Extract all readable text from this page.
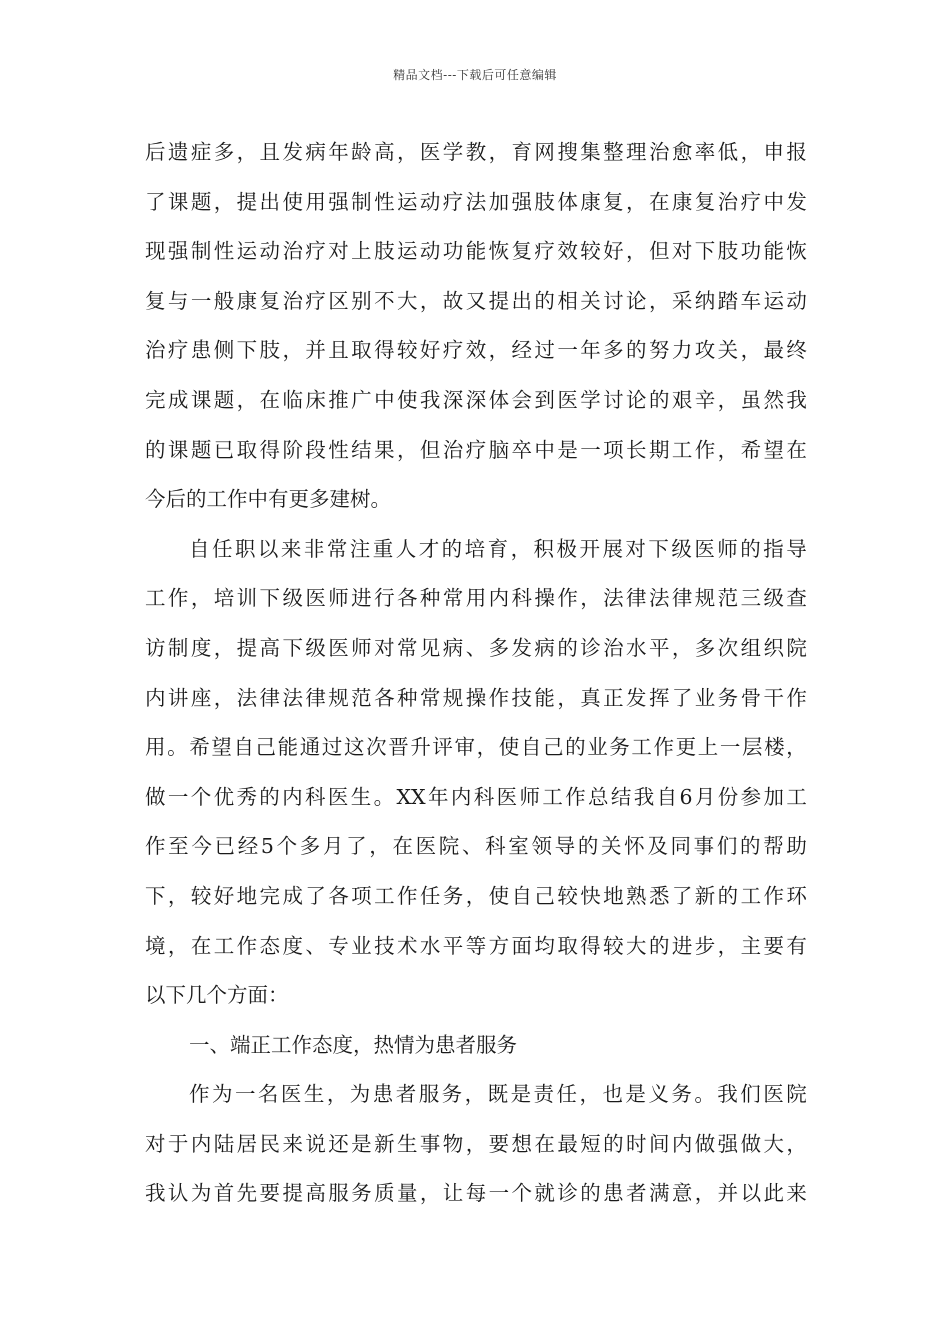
精品文档---下载后可任意编辑
后 遗 症 多 ， 且 发 病 年 龄 高 ， 医 学 教 ， 育 网 搜 集 整 理 治 愈 率 低 ， 申 报
了 课 题 ， 提 出 使 用 强 制 性 运 动 疗 法 加 强 肢 体 康 复 ， 在 康 复 治 疗 中 发
现 强 制 性 运 动 治 疗 对 上 肢 运 动 功 能 恢 复 疗 效 较 好 ， 但 对 下 肢 功 能 恢
复 与 一 般 康 复 治 疗 区 别 不 大 ， 故 又 提 出 的 相 关 讨 论 ， 采 纳 踏 车 运 动
治 疗 患 侧 下 肢 ， 并 且 取 得 较 好 疗 效 ， 经 过 一 年 多 的 努 力 攻 关 ， 最 终
完 成 课 题 ， 在 临 床 推 广 中 使 我 深 深 体 会 到 医 学 讨 论 的 艰 辛 ， 虽 然 我
的 课 题 已 取 得 阶 段 性 结 果 ， 但 治 疗 脑 卒 中 是 一 项 长 期 工 作 ， 希 望 在
今后的工作中有更多建树。
自 任 职 以 来 非 常 注 重 人 才 的 培 育 ， 积 极 开 展 对 下 级 医 师 的 指 导
工 作 ， 培 训 下 级 医 师 进 行 各 种 常 用 内 科 操 作 ， 法 律 法 律 规 范 三 级 查
访 制 度 ， 提 高 下 级 医 师 对 常 见 病 、 多 发 病 的 诊 治 水 平 ， 多 次 组 织 院
内 讲 座 ， 法 律 法 律 规 范 各 种 常 规 操 作 技 能 ， 真 正 发 挥 了 业 务 骨 干 作
用 。 希 望 自 己 能 通 过 这 次 晋 升 评 审 ， 使 自 己 的 业 务 工 作 更 上 一 层 楼 ，
做 一 个 优 秀 的 内 科 医 生 。 XX 年 内 科 医 师 工 作 总 结 我 自 6 月 份 参 加 工
作 至 今 已 经 5 个 多 月 了 ， 在 医 院 、 科 室 领 导 的 关 怀 及 同 事 们 的 帮 助
下 ， 较 好 地 完 成 了 各 项 工 作 任 务 ， 使 自 己 较 快 地 熟 悉 了 新 的 工 作 环
境 ， 在 工 作 态 度 、 专 业 技 术 水 平 等 方 面 均 取 得 较 大 的 进 步 ， 主 要 有
以下几个方面：
一、端正工作态度，热情为患者服务
作 为 一 名 医 生 ， 为 患 者 服 务 ， 既 是 责 任 ， 也 是 义 务 。 我 们 医 院
对 于 内 陆 居 民 来 说 还 是 新 生 事 物 ， 要 想 在 最 短 的 时 间 内 做 强 做 大 ，
我 认 为 首 先 要 提 高 服 务 质 量 ， 让 每 一 个 就 诊 的 患 者 满 意 ， 并 以 此 来
